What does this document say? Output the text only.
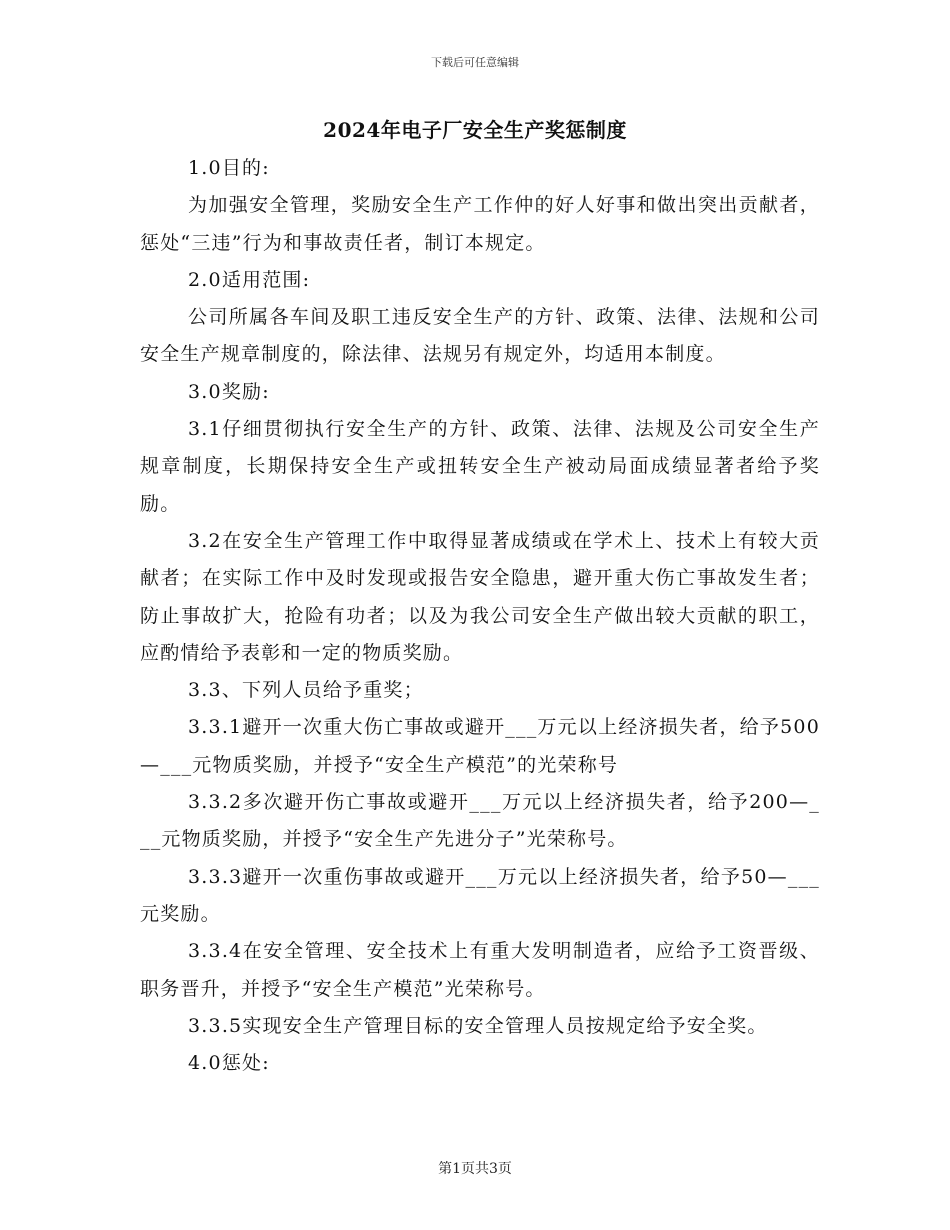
下载后可任意编辑
2024年电子厂安全生产奖惩制度

1.0目的:

为加强安全管理，奖励安全生产工作仲的好人好事和做出突出贡献者，惩处“三违”行为和事故责任者，制订本规定。

2.0适用范围:

公司所属各车间及职工违反安全生产的方针、政策、法律、法规和公司安全生产规章制度的，除法律、法规另有规定外，均适用本制度。

3.0奖励:

3.1仔细贯彻执行安全生产的方针、政策、法律、法规及公司安全生产规章制度，长期保持安全生产或扭转安全生产被动局面成绩显著者给予奖励。

3.2在安全生产管理工作中取得显著成绩或在学术上、技术上有较大贡献者；在实际工作中及时发现或报告安全隐患，避开重大伤亡事故发生者；防止事故扩大，抢险有功者；以及为我公司安全生产做出较大贡献的职工，应酌情给予表彰和一定的物质奖励。

3.3、下列人员给予重奖；

3.3.1避开一次重大伤亡事故或避开___万元以上经济损失者，给予500—___元物质奖励，并授予“安全生产模范”的光荣称号

3.3.2多次避开伤亡事故或避开___万元以上经济损失者，给予200—___元物质奖励，并授予“安全生产先进分子”光荣称号。

3.3.3避开一次重伤事故或避开___万元以上经济损失者，给予50—___元奖励。

3.3.4在安全管理、安全技术上有重大发明制造者，应给予工资晋级、职务晋升，并授予“安全生产模范”光荣称号。

3.3.5实现安全生产管理目标的安全管理人员按规定给予安全奖。

4.0惩处:

第1页共3页
